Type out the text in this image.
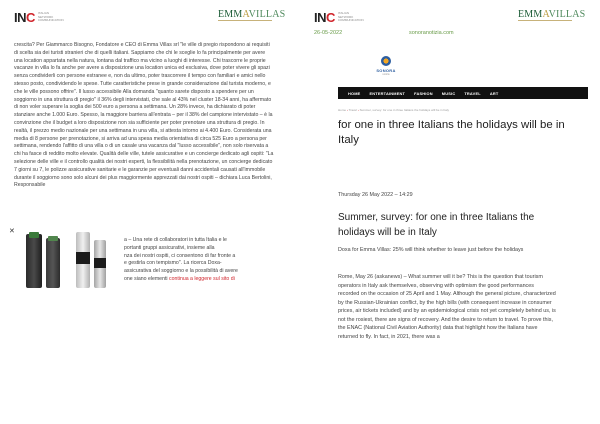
INC ITALIAN NETWORK COMMUNICATION
EMMAVILLAS
crescita? Per Giammarco Bisogno, Fondatore e CEO di Emma Villas srl "le ville di pregio rispondono ai requisiti di scelta sia dei turisti stranieri che di quelli italiani. Sappiamo che chi le sceglie lo fa principalmente per avere una location appartata nella natura, lontana dal traffico ma vicino a luoghi di interesse. Chi trascorre le proprie vacanze in villa lo fa anche per avere a disposizione una location unica ed esclusiva, dove poter vivere gli spazi senza condividerli con persone estranee e, non da ultimo, poter trascorrere il tempo con familiari e amici nello stesso posto, condividendo le spese. Tutte caratteristiche prese in grande considerazione dal turista moderno, e che le ville possono offrire". Il lusso accessibile Alla domanda "quanto sarete disposto a spendere per un soggiorno in una struttura di pregio" il 36% degli intervistati, che sale al 43% nel cluster 18-34 anni, ha affermato di non voler superare la soglia dei 500 euro a persona a settimana. Un 28% invece, ha dichiarato di poter stanziare anche 1.000 Euro. Spesso, la maggiore barriera all'entrata – per il 38% del campione intervistato – è la convinzione che il budget a loro disposizione non sia sufficiente per poter prenotare una struttura di pregio. In realtà, il prezzo medio nazionale per una settimana in una villa, si attesta intorno ai 4.400 Euro. Considerata una media di 8 persone per prenotazione, si arriva ad una spesa media orientativa di circa 525 Euro a persona per settimana, rendendo l'affitto di una villa o di un casale una vacanza dal "lusso accessibile", non solo riservata a chi ha fasce di reddito molto elevate. Qualità delle ville, tutele assicurative e un concierge dedicato agli ospiti: "La selezione delle ville e il controllo qualità dei nostri esperti, la flessibilità nella prenotazione, un concierge dedicato 7 giorni su 7, le polizze assicurative sanitarie e le garanzie per eventuali danni accidentali causati all'immobile durante il soggiorno sono solo alcuni dei plus maggiormente apprezzati dai nostri ospiti – dichiara Luca Bertolini, Responsabile
✕
a – Una rete di collaboratori in tutta Italia e le
portanti gruppi assicurativi, insieme alla
nza dei nostri ospiti, ci consentono di far fronte a
e gestirla con tempismo". La ricerca Doxa-
assicurativa del soggiorno e la possibilità di avere
one siano elementi continua a leggere sul sito di
INC ITALIAN NETWORK COMMUNICATION
EMMAVILLAS
26-05-2022	sonoranotizia.com
SONORA
notizie
HOME ENTERTAINMENT FASHION MUSIC TRAVEL ART
Home › Travel › Summer, survey: for one in three Italians the holidays will be in Italy
for one in three Italians the holidays will be in Italy
Thursday 26 May 2022 – 14:29
Summer, survey: for one in three Italians the holidays will be in Italy
Doxa for Emma Villas: 25% will think whether to leave just before the holidays
Rome, May 26 (askanews) – What summer will it be? This is the question that tourism operators in Italy ask themselves, observing with optimism the good performances recorded on the occasion of 25 April and 1 May. Although the general picture, characterized by the Russian-Ukrainian conflict, by the high bills (with consequent increase in consumer prices, air tickets included) and by an epidemiological crisis not yet completely behind us, is not the rosiest, there are signs of recovery. And the desire to return to travel. To prove this, the ENAC (National Civil Aviation Authority) data that highlight how the Italians have returned to fly. In fact, in 2021, there was a
